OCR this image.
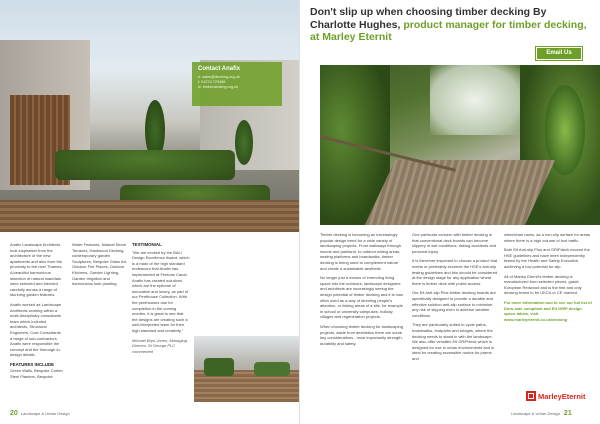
Contact Anafix
e: sales@decking.org.uk
t: 01274 723456
w: timberdecking.org.uk

Anafix Landscape Architects took inspiration from the architecture of the new apartments and also from the proximity to the river Thames. A beautiful harmonious selection of natural materials were selected and blended carefully across a range of stunning garden features.

Anafix worked as Landscape Architects working within a multi-disciplinary consultants team which included architects, Structural Engineers, Cost Consultants a range of sub-contractors. Anafix were responsible the concept and the thorough in-design details.

FEATURES INCLUDE

Green Walls, Bespoke Corten Steel Planters, Bespoke

Water Features, Natural Stone Terraces, Hardwood Decking, contemporary garden Sculptures, Bespoke Glass Art, Outdoor Fire Places, Outdoor Kitchens, Garden Lighting, Garden Irrigation and harmonious lush planting.

TESTIMONIAL
"We are excited by the BALI Design Excellence Award, which is a mark of the high standard endeavour that Anafix has implemented at Fentons Canal. Anafix has created solutions which are the epitome of innovative and luxury, as part of our Penthouse Collection. With the penthouses due for completion in the coming months, it is great to see that the designs are creating such a well-interpreted team for their high standard and creativity."
Michael Bryn-Jones, Managing Director, St George PLC commented
20 Landscape & Urban Design
Don't slip up when choosing timber decking By Charlotte Hughes, product manager for timber decking, at Marley Eternit
Email Us

Timber decking is becoming an increasingly popular design trend for a wide variety of landscaping projects. From walkways through woods and parkland, to outdoor eating areas, seating platforms and boardwalks, timber decking is being used to complement nature and create a sustainable aesthetic.

No longer just a means of extending living space into the outdoors, landscape designers and architects are increasingly seeing the design potential of timber decking and it is now often used as a way of directing people's attention, or linking areas of a site, for example in school or university campuses, holiday villages and regeneration projects.

When choosing timber decking for landscaping projects, aside from aesthetics there are some key considerations - most importantly strength, durability and safety.

One particular concern with timber decking is that conventional deck boards can become slippery in wet conditions, risking accidents and personal injury.

It is therefore important to choose a product that meets or preferably exceeds the HSE's anti-slip testing guidelines and this should be considered at the design stage for any application where there is timber deck with public access.

Our Elt Anti-slip Plus timber decking boards are specifically designed to provide a durable and effective solution anti-slip surface to minimise any risk of slipping even in adverse weather conditions.

They are particularly suited to cycle paths, boardwalks, footpaths and bridges, where the decking needs to stand in with the landscape. We also offer versatile Elt GRIPdeck which is designed for use in urban environments and is ideal for creating accessible routes for prams and

wheelchair users, as a non-slip surface for areas where there is a high volume of foot traffic.

Both Elt Anti-slip Plus and GRIPdeck exceed the HSE guidelines and have been independently tested by the Health and Safety Executive, achieving a low potential for slip.

All of Marley Eternit's timber decking is manufactured from selected pieces, grade European Redwood and is the first and only decking brand to be UKCA or CE marked.

For more information and to see our full list of Dura-safe compliant and Elt GRIP design specs tables, visit www.marleyeternit.co.uk/decking

MarleyEternit
Landscape & Urban Design 21
